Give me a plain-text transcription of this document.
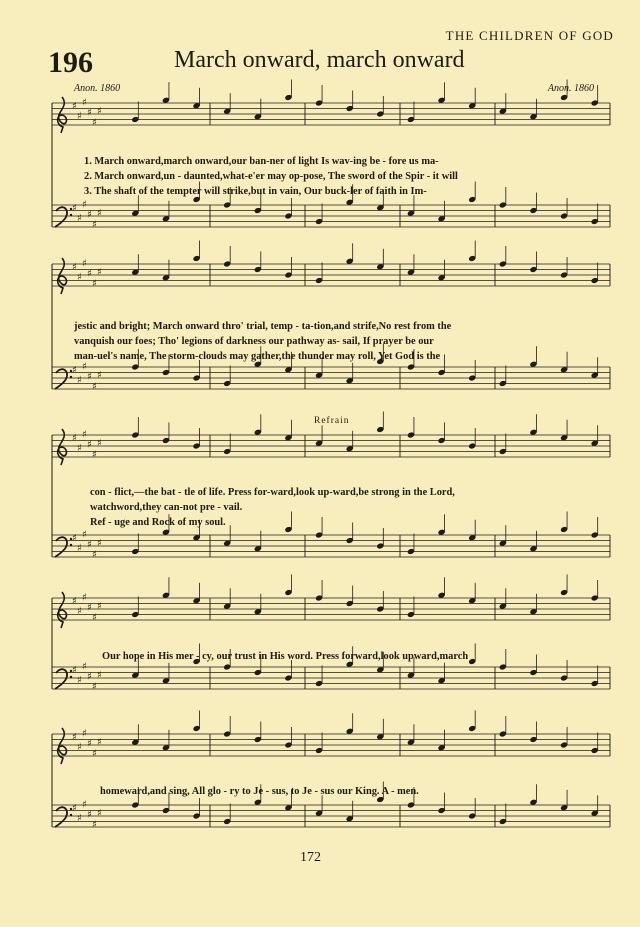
THE CHILDREN OF GOD
196	March onward, march onward
Anon. 1860	Anon. 1860
♯
♯
♯
♯
♯
♯
♯
♯
♯
♯
♯
♯
♯
♯
♯
♯
♯
♯
♯
♯
♯
♯
♯
♯
♯
♯
♯
♯
♯
♯
♯
♯
♯
♯
♯
♯
♯
♯
♯
♯
♯
♯
♯
♯
♯
♯
♯
♯
♯
♯
♯
♯
♯
♯
♯
♯
♯
♯
♯
♯
1. March onward,march onward,our ban-ner of light Is wav-ing be - fore us ma-
2. March onward,un - daunted,what-e'er may op-pose, The sword of the Spir - it will
3. The shaft of the tempter will strike,but in vain, Our buck-ler of faith in Im-
jestic and bright; March onward thro' trial, temp - ta-tion,and strife,No rest from the
vanquish our foes; Tho' legions of darkness our pathway as- sail, If prayer be our
man-uel's name, The storm-clouds may gather,the thunder may roll, Yet God is the
Refrain
con - flict,—the bat - tle of life. Press for-ward,look up-ward,be strong in the Lord,
watchword,they can-not pre - vail.
Ref - uge and Rock of my soul.
Our hope in His mer - cy, our trust in His word. Press forward,look upward,march
homeward,and sing, All glo - ry to Je - sus, to Je - sus our King. A - men.
172
